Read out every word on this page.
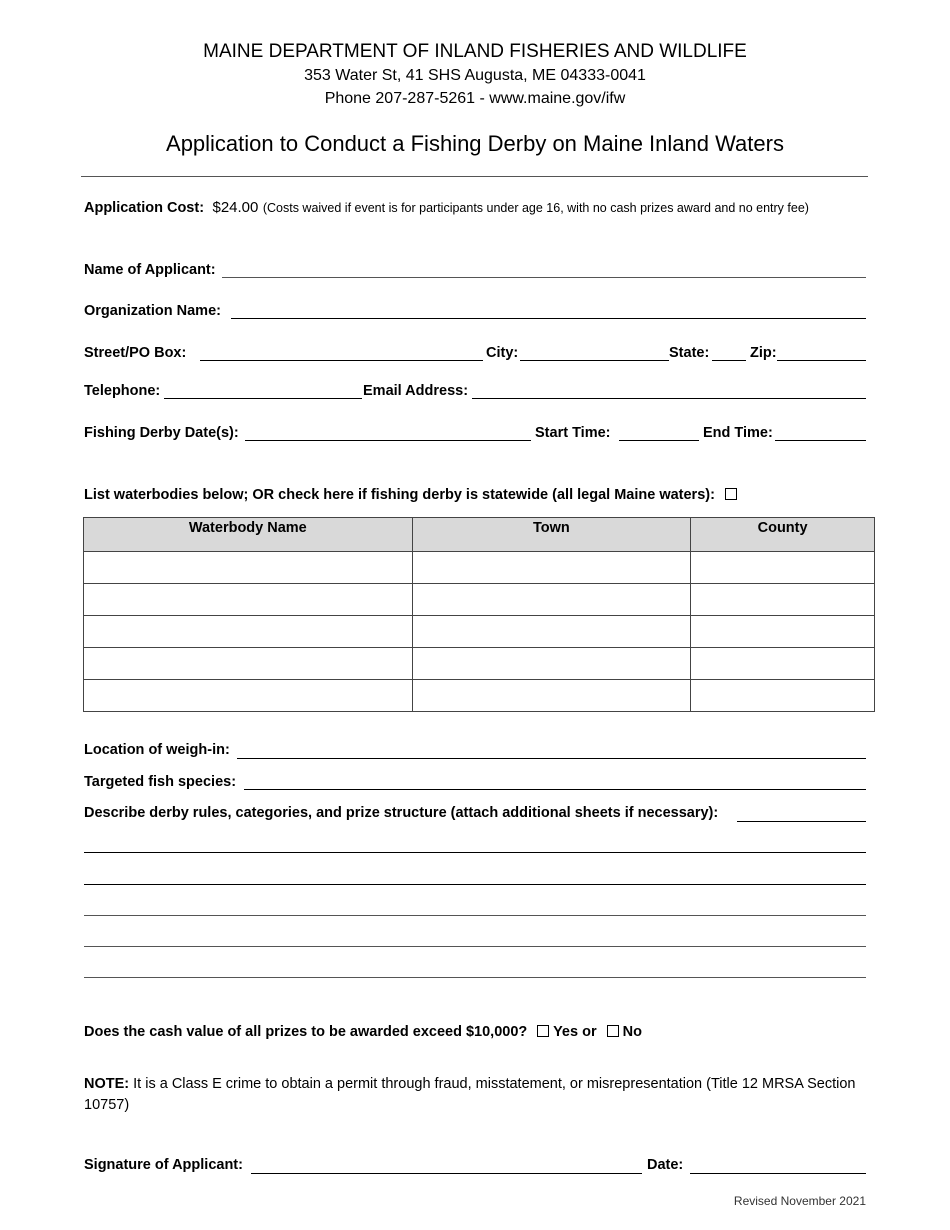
MAINE DEPARTMENT OF INLAND FISHERIES AND WILDLIFE
353 Water St, 41 SHS Augusta, ME 04333-0041
Phone 207-287-5261 - www.maine.gov/ifw
Application to Conduct a Fishing Derby on Maine Inland Waters
Application Cost: $24.00 (Costs waived if event is for participants under age 16, with no cash prizes award and no entry fee)
Name of Applicant:
Organization Name:
Street/PO Box:	City:	State:	Zip:
Telephone:	Email Address:
Fishing Derby Date(s):	Start Time:	End Time:
List waterbodies below; OR check here if fishing derby is statewide (all legal Maine waters):
Waterbody Name	Town	County

Location of weigh-in:
Targeted fish species:
Describe derby rules, categories, and prize structure (attach additional sheets if necessary):
Does the cash value of all prizes to be awarded exceed $10,000? Yes or No
NOTE: It is a Class E crime to obtain a permit through fraud, misstatement, or misrepresentation (Title 12 MRSA Section 10757)
Signature of Applicant:	Date:
Revised November 2021
